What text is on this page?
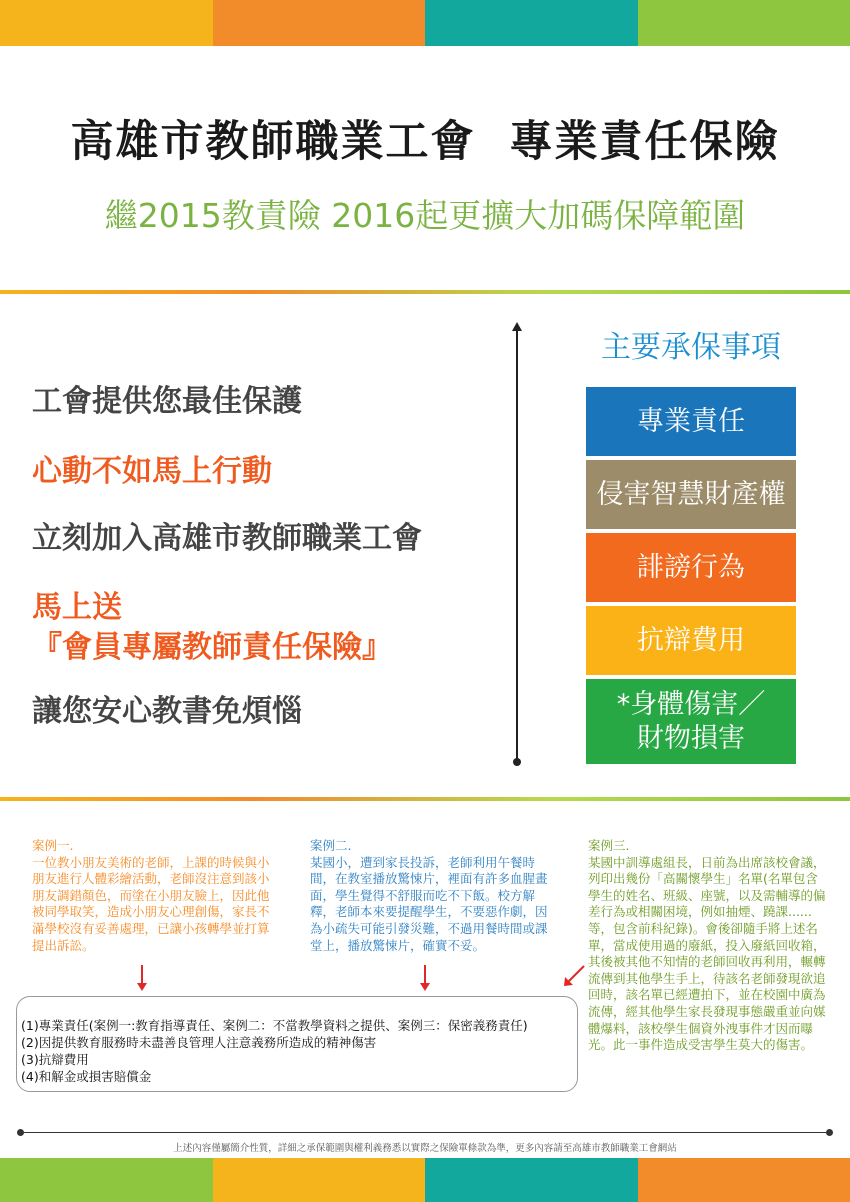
高雄市教師職業工會  專業責任保險
繼2015教責險 2016起更擴大加碼保障範圍
工會提供您最佳保護
心動不如馬上行動
立刻加入高雄市教師職業工會
馬上送
『會員專屬教師責任保險』
讓您安心教書免煩惱
主要承保事項
專業責任
侵害智慧財產權
誹謗行為
抗辯費用
*身體傷害／
財物損害
案例一.
一位教小朋友美術的老師，上課的時候與小朋友進行人體彩繪活動，老師沒注意到該小朋友調錯顏色，而塗在小朋友臉上，因此他被同學取笑，造成小朋友心理創傷，家長不滿學校沒有妥善處理，已讓小孩轉學並打算提出訴訟。
案例二.
某國小，遭到家長投訴，老師利用午餐時間，在教室播放驚悚片，裡面有許多血腥畫面，學生覺得不舒服而吃不下飯。校方解釋，老師本來要提醒學生，不要惡作劇，因為小疏失可能引發災難，不過用餐時間或課堂上，播放驚悚片，確實不妥。
案例三.
某國中訓導處組長，日前為出席該校會議，列印出幾份「高關懷學生」名單(名單包含學生的姓名、班級、座號，以及需輔導的偏差行為或相關困境，例如抽煙、蹺課......等，包含前科紀錄)。會後卻隨手將上述名單，當成使用過的廢紙，投入廢紙回收箱，其後被其他不知情的老師回收再利用，輾轉流傳到其他學生手上，待該名老師發現欲追回時，該名單已經遭拍下，並在校園中廣為流傳，經其他學生家長發現事態嚴重並向媒體爆料，該校學生個資外洩事件才因而曝光。此一事件造成受害學生莫大的傷害。
(1)專業責任(案例一:教育指導責任、案例二：不當教學資料之提供、案例三：保密義務責任)
(2)因提供教育服務時未盡善良管理人注意義務所造成的精神傷害
(3)抗辯費用
(4)和解金或損害賠償金
上述內容僅屬簡介性質，詳細之承保範圍與權利義務悉以實際之保險單條款為準，更多內容請至高雄市教師職業工會網站
